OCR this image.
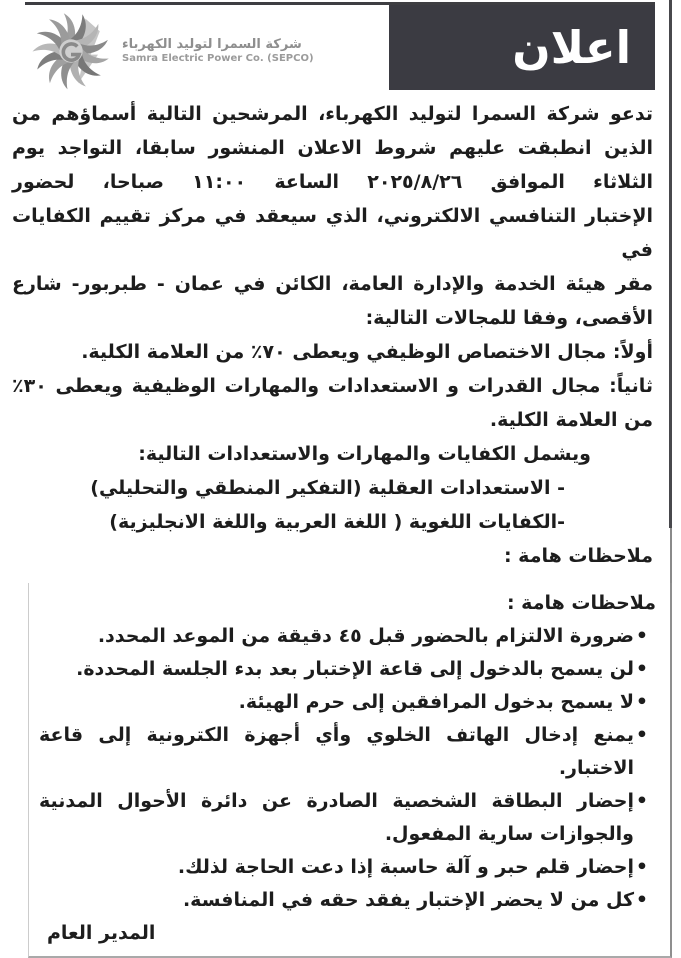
اعلان
شركة السمرا لتوليد الكهرباء
Samra Electric Power Co. (SEPCO)
تدعو شركة السمرا لتوليد الكهرباء، المرشحين التالية أسماؤهم من
الذين انطبقت عليهم شروط الاعلان المنشور سابقا، التواجد يوم
الثلاثاء الموافق ٢٠٢٥/٨/٢٦ الساعة ١١:٠٠ صباحا، لحضور
الإختبار التنافسي الالكتروني، الذي سيعقد في مركز تقييم الكفايات في
مقر هيئة الخدمة والإدارة العامة، الكائن في عمان - طبربور- شارع
الأقصى، وفقا للمجالات التالية:
أولاً: مجال الاختصاص الوظيفي ويعطى ٧٠٪ من العلامة الكلية.
ثانياً: مجال القدرات و الاستعدادات والمهارات الوظيفية ويعطى ٣٠٪
من العلامة الكلية.
ويشمل الكفايات والمهارات والاستعدادات التالية:
- الاستعدادات العقلية (التفكير المنطقي والتحليلي)
-الكفايات اللغوية ( اللغة العربية واللغة الانجليزية)
ملاحظات هامة :
ملاحظات هامة :
•
ضرورة الالتزام بالحضور قبل ٤٥ دقيقة من الموعد المحدد.
•
لن يسمح بالدخول إلى قاعة الإختبار بعد بدء الجلسة المحددة.
•
لا يسمح بدخول المرافقين إلى حرم الهيئة.
•
يمنع إدخال الهاتف الخلوي وأي أجهزة الكترونية إلى قاعة الاختبار.
•
إحضار البطاقة الشخصية الصادرة عن دائرة الأحوال المدنية والجوازات سارية المفعول.
•
إحضار قلم حبر و آلة حاسبة إذا دعت الحاجة لذلك.
•
كل من لا يحضر الإختبار يفقد حقه في المنافسة.
المدير العام
